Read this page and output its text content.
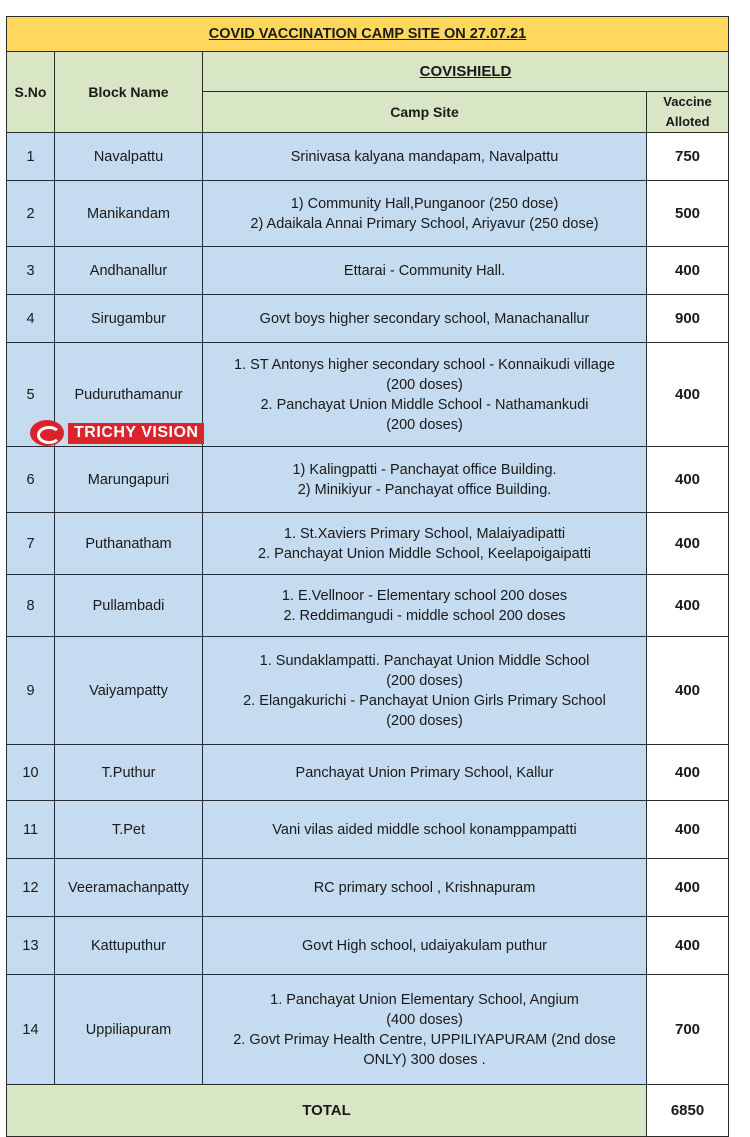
COVID VACCINATION CAMP SITE ON 27.07.21			
S.No	Block Name	COVISHIELD	
		Camp Site	Vaccine
Alloted

1	Navalpattu	Srinivasa kalyana mandapam, Navalpattu	750
2	Manikandam	1) Community Hall,Punganoor (250 dose)
2) Adaikala Annai Primary School, Ariyavur (250 dose)	500
3	Andhanallur	Ettarai - Community Hall.	400
4	Sirugambur	Govt boys higher secondary school, Manachanallur	900
5	Puduruthamanur	1. ST Antonys higher secondary school - Konnaikudi village
(200 doses)
2. Panchayat Union Middle School - Nathamankudi
(200 doses)	400
6	Marungapuri	1) Kalingpatti - Panchayat office Building.
2) Minikiyur - Panchayat office Building.	400
7	Puthanatham	1. St.Xaviers Primary School, Malaiyadipatti
2. Panchayat Union Middle School, Keelapoigaipatti	400
8	Pullambadi	1. E.Vellnoor - Elementary school 200 doses
2. Reddimangudi - middle school 200 doses	400
9	Vaiyampatty	1. Sundaklampatti. Panchayat Union Middle School
(200 doses)
2. Elangakurichi - Panchayat Union Girls Primary School
(200 doses)	400
10	T.Puthur	Panchayat Union Primary School, Kallur	400
11	T.Pet	Vani vilas aided middle school konamppampatti	400
12	Veeramachanpatty	RC primary school , Krishnapuram	400
13	Kattuputhur	Govt High school, udaiyakulam puthur	400
14	Uppiliapuram	1. Panchayat Union Elementary School, Angium
(400 doses)
2. Govt Primay Health Centre, UPPILIYAPURAM (2nd dose
ONLY) 300 doses .	700
TOTAL			6850
TRICHY VISION
